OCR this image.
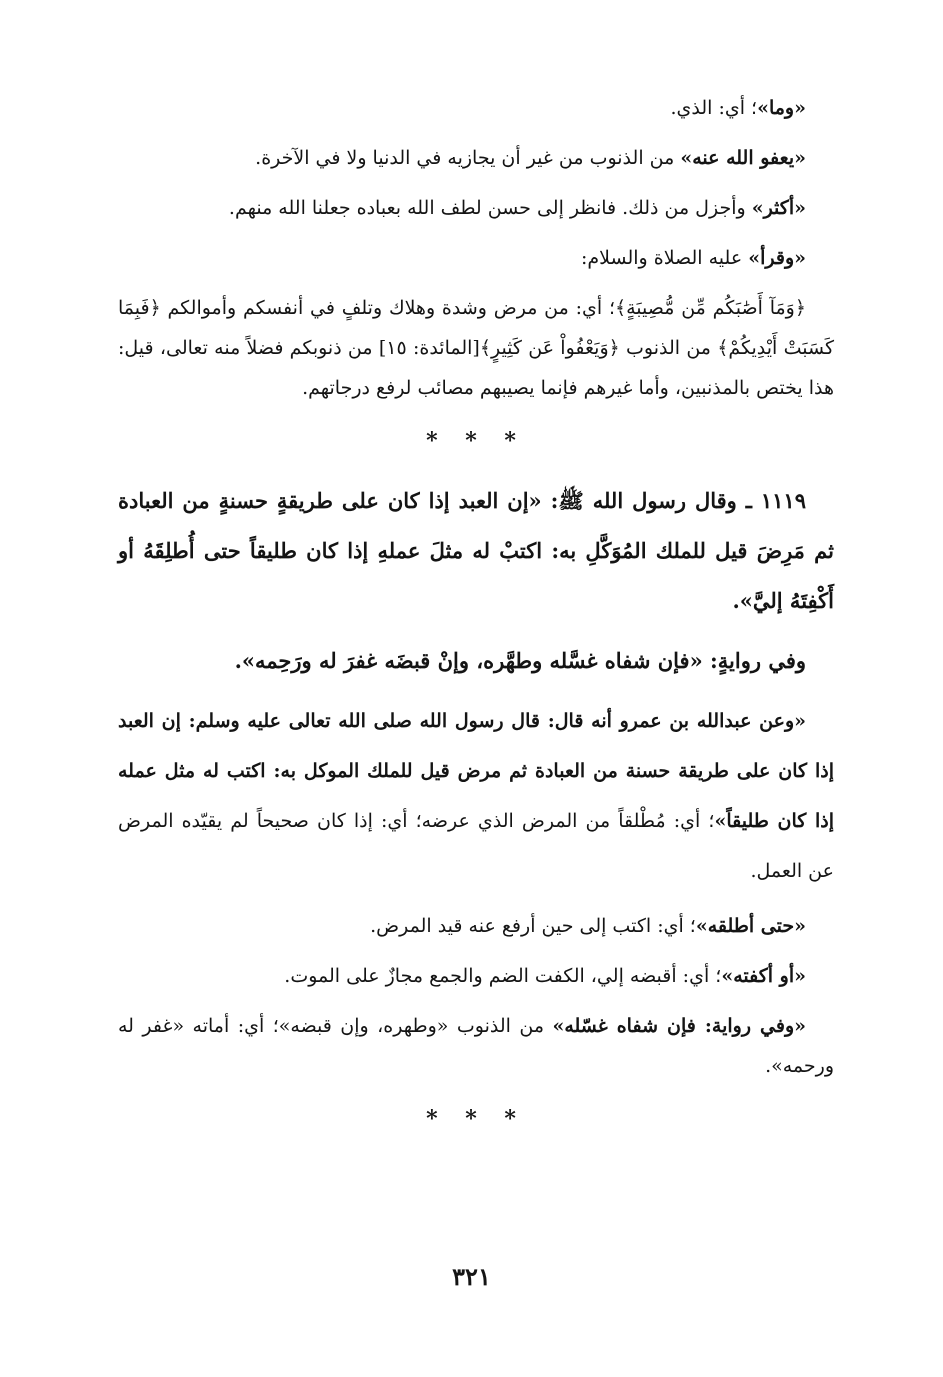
«وما»؛ أي: الذي.

«يعفو الله عنه» من الذنوب من غير أن يجازيه في الدنيا ولا في الآخرة.

«أكثر» وأجزل من ذلك. فانظر إلى حسن لطف الله بعباده جعلنا الله منهم.

«وقرأ» عليه الصلاة والسلام:

﴿وَمَآ أَصَٰبَكُم مِّن مُّصِيبَةٍ﴾؛ أي: من مرض وشدة وهلاك وتلفٍ في أنفسكم وأموالكم ﴿فَبِمَا كَسَبَتْ أَيْدِيكُمْ﴾ من الذنوب ﴿وَيَعْفُواْ عَن كَثِيرٍ﴾[المائدة: ١٥] من ذنوبكم فضلاً منه تعالى، قيل: هذا يختص بالمذنبين، وأما غيرهم فإنما يصيبهم مصائب لرفع درجاتهم.

* * *

١١١٩ ـ وقال رسول الله ﷺ: «إن العبد إذا كان على طريقةٍ حسنةٍ من العبادة ثم مَرِضَ قيل للملك المُوَكَّلِ به: اكتبْ له مثلَ عملهِ إذا كان طليقاً حتى أُطلِقَهُ أو أَكْفِتَهُ إليَّ».

وفي روايةٍ: «فإن شفاه غسَّله وطهَّره، وإنْ قبضَه غفرَ له ورَحِمه».

«وعن عبدالله بن عمرو أنه قال: قال رسول الله صلى الله تعالى عليه وسلم: إن العبد إذا كان على طريقة حسنة من العبادة ثم مرض قيل للملك الموكل به: اكتب له مثل عمله إذا كان طليقاً»؛ أي: مُطْلقاً من المرض الذي عرضه؛ أي: إذا كان صحيحاً لم يقيّده المرض عن العمل.

«حتى أطلقه»؛ أي: اكتب إلى حين أرفع عنه قيد المرض.

«أو أكفته»؛ أي: أقبضه إلي، الكفت الضم والجمع مجازٌ على الموت.

«وفي رواية: فإن شفاه غسّله» من الذنوب «وطهره، وإن قبضه»؛ أي: أماته «غفر له ورحمه».

* * *
٣٢١
